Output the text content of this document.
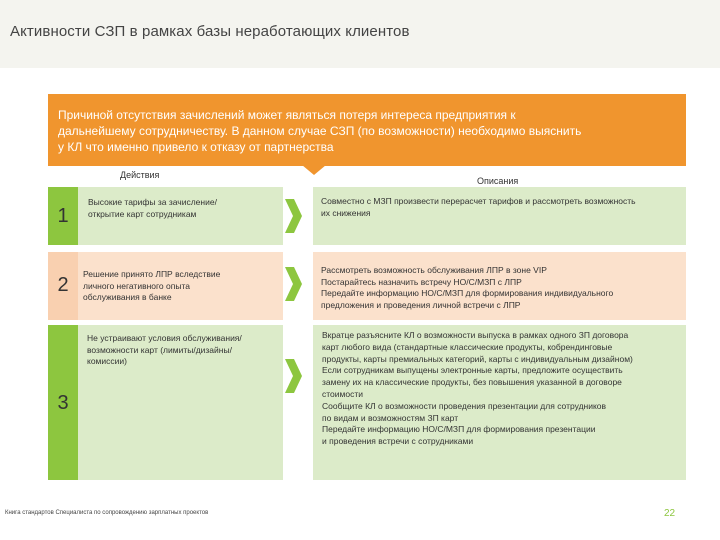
Активности СЗП в рамках базы неработающих клиентов
Причиной отсутствия зачислений может являться потеря интереса предприятия к
дальнейшему сотрудничеству. В данном случае СЗП (по возможности) необходимо выяснить
у КЛ что именно привело к отказу от партнерства
Действия
Описания
1
Высокие тарифы за зачисление/
открытие карт сотрудникам
Совместно с МЗП произвести перерасчет тарифов и рассмотреть возможность
их снижения
2	Решение принято ЛПР вследствие
личного негативного опыта
обслуживания в банке
Рассмотреть возможность обслуживания ЛПР в зоне VIP
Постарайтесь назначить встречу НО/С/МЗП с ЛПР
Передайте информацию НО/С/МЗП для формирования индивидуального
предложения и проведения личной встречи с ЛПР
3
Не устраивают условия обслуживания/
возможности карт (лимиты/дизайны/
комиссии)
Вкратце разъясните КЛ о возможности выпуска в рамках одного ЗП договора
карт любого вида (стандартные классические продукты, кобрендинговые
продукты, карты премиальных категорий, карты с индивидуальным дизайном)
Если сотрудникам выпущены электронные карты, предложите осуществить
замену их на классические продукты, без повышения указанной в договоре
стоимости
Сообщите КЛ о возможности проведения презентации для сотрудников
по видам и возможностям ЗП карт
Передайте информацию НО/С/МЗП для формирования презентации
и проведения встречи с сотрудниками
Книга стандартов Специалиста по сопровождению зарплатных проектов	22
